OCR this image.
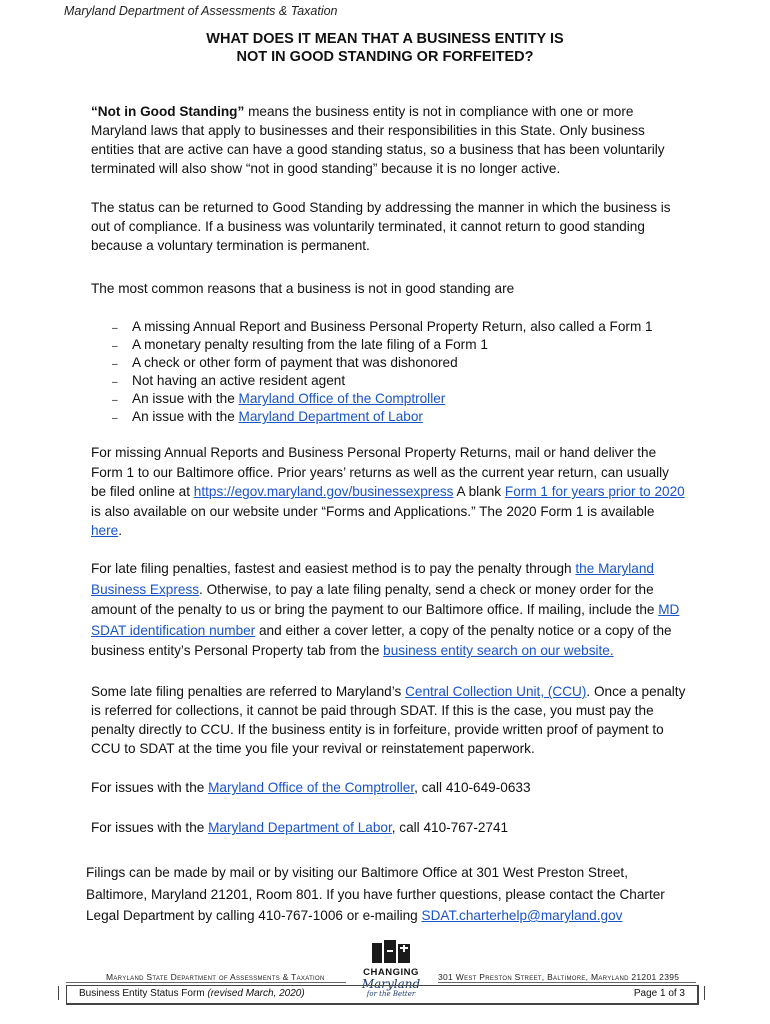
Maryland Department of Assessments & Taxation
WHAT DOES IT MEAN THAT A BUSINESS ENTITY IS
NOT IN GOOD STANDING OR FORFEITED?

“Not in Good Standing” means the business entity is not in compliance with one or more Maryland laws that apply to businesses and their responsibilities in this State. Only business entities that are active can have a good standing status, so a business that has been voluntarily terminated will also show “not in good standing” because it is no longer active.

The status can be returned to Good Standing by addressing the manner in which the business is out of compliance. If a business was voluntarily terminated, it cannot return to good standing because a voluntary termination is permanent.

The most common reasons that a business is not in good standing are

‒ A missing Annual Report and Business Personal Property Return, also called a Form 1
‒ A monetary penalty resulting from the late filing of a Form 1
‒ A check or other form of payment that was dishonored
‒ Not having an active resident agent
‒ An issue with the Maryland Office of the Comptroller
‒ An issue with the Maryland Department of Labor

For missing Annual Reports and Business Personal Property Returns, mail or hand deliver the Form 1 to our Baltimore office. Prior years’ returns as well as the current year return, can usually be filed online at https://egov.maryland.gov/businessexpress A blank Form 1 for years prior to 2020 is also available on our website under “Forms and Applications.” The 2020 Form 1 is available here.

For late filing penalties, fastest and easiest method is to pay the penalty through the Maryland Business Express. Otherwise, to pay a late filing penalty, send a check or money order for the amount of the penalty to us or bring the payment to our Baltimore office. If mailing, include the MD SDAT identification number and either a cover letter, a copy of the penalty notice or a copy of the business entity’s Personal Property tab from the business entity search on our website.

Some late filing penalties are referred to Maryland’s Central Collection Unit, (CCU). Once a penalty is referred for collections, it cannot be paid through SDAT. If this is the case, you must pay the penalty directly to CCU. If the business entity is in forfeiture, provide written proof of payment to CCU to SDAT at the time you file your revival or reinstatement paperwork.

For issues with the Maryland Office of the Comptroller, call 410-649-0633

For issues with the Maryland Department of Labor, call 410-767-2741

Filings can be made by mail or by visiting our Baltimore Office at 301 West Preston Street, Baltimore, Maryland 21201, Room 801. If you have further questions, please contact the Charter Legal Department by calling 410-767-1006 or e-mailing SDAT.charterhelp@maryland.gov

Maryland State Department of Assessments & Taxation	301 West Preston Street, Baltimore, Maryland 21201 2395
CHANGING
Maryland
for the Better
Business Entity Status Form (revised March, 2020)	Page 1 of 3
